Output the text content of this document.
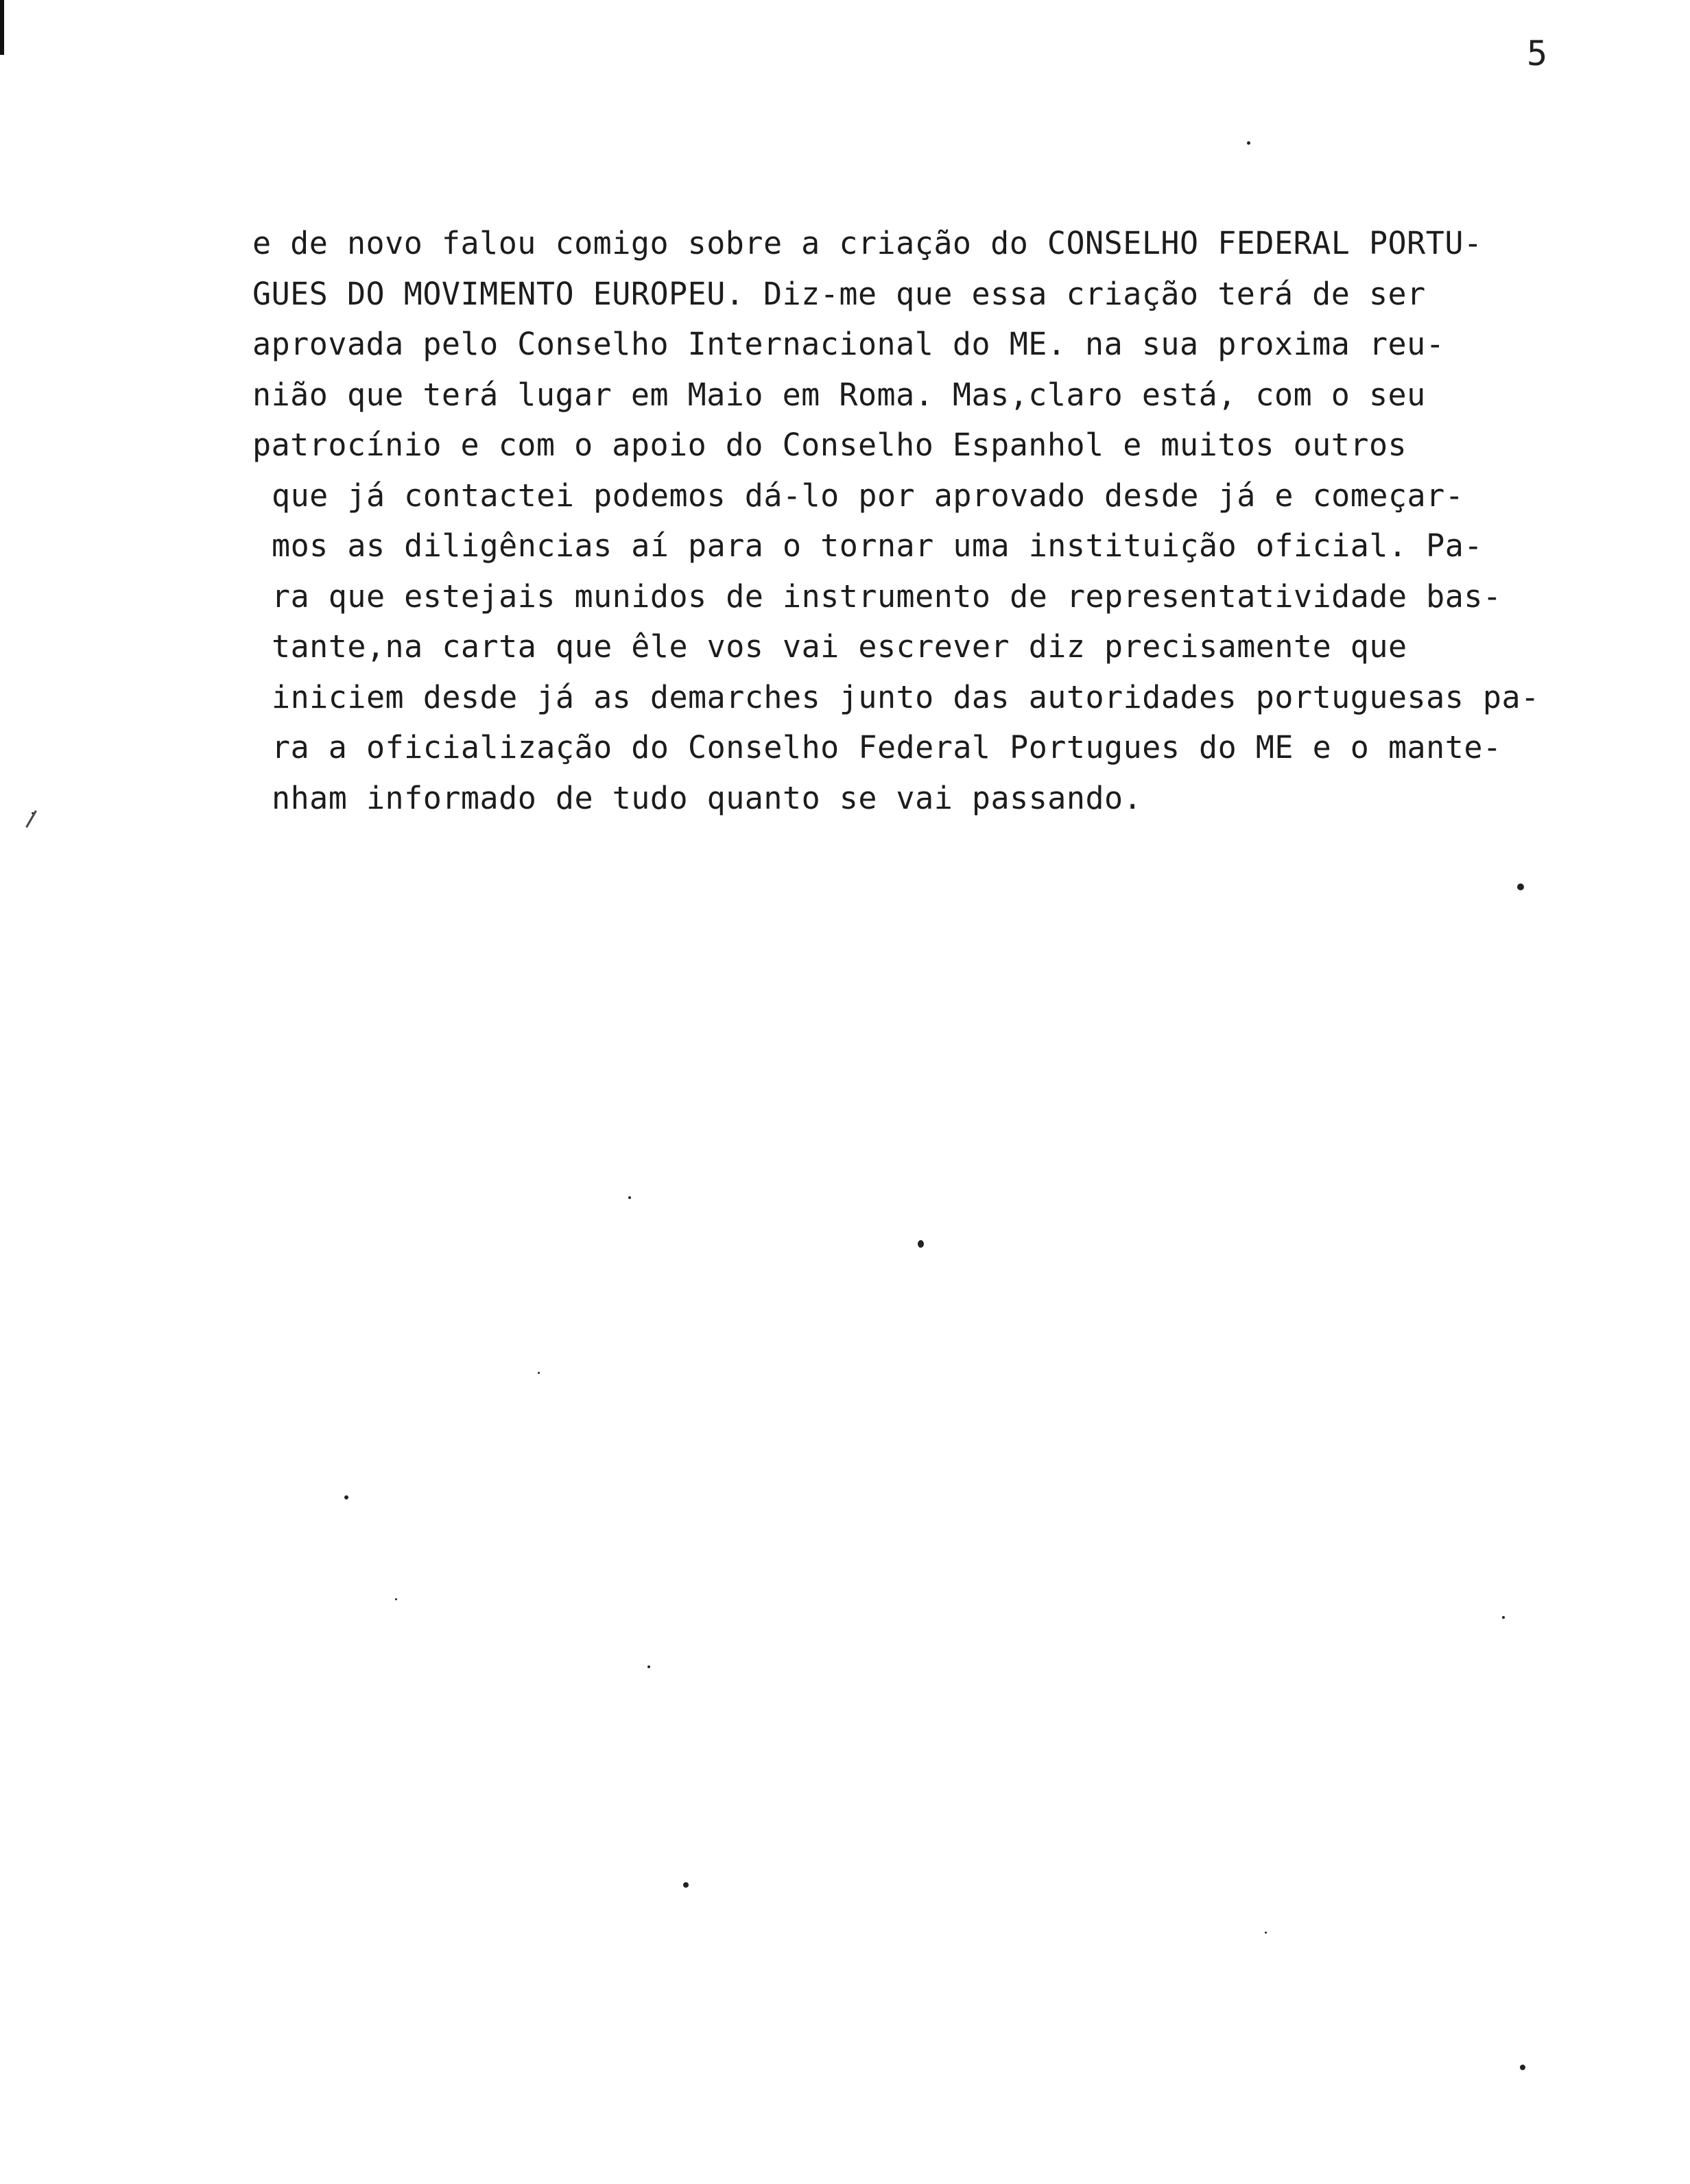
5
e de novo falou comigo sobre a criação do CONSELHO FEDERAL PORTU-
GUES DO MOVIMENTO EUROPEU. Diz-me que essa criação terá de ser
aprovada pelo Conselho Internacional do ME. na sua proxima reu-
nião que terá lugar em Maio em Roma. Mas,claro está, com o seu
patrocínio e com o apoio do Conselho Espanhol e muitos outros
que já contactei podemos dá-lo por aprovado desde já e começar-
mos as diligências aí para o tornar uma instituição oficial. Pa-
ra que estejais munidos de instrumento de representatividade bas-
tante,na carta que êle vos vai escrever diz precisamente que
iniciem desde já as demarches junto das autoridades portuguesas pa-
ra a oficialização do Conselho Federal Portugues do ME e o mante-
nham informado de tudo quanto se vai passando.
